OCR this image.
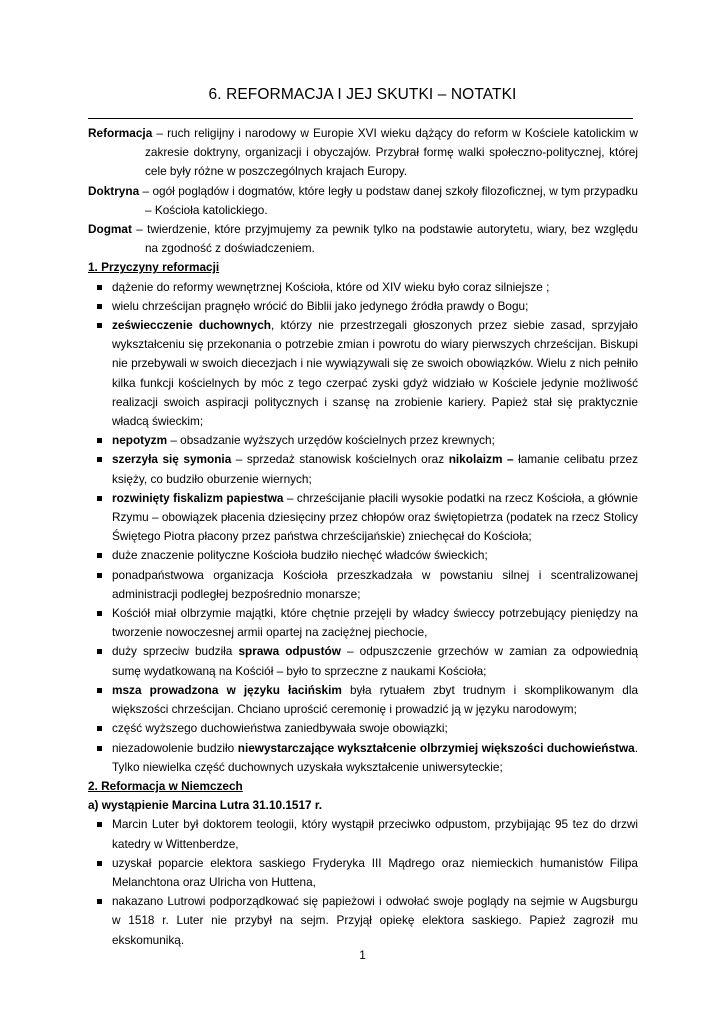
6. REFORMACJA I JEJ SKUTKI – NOTATKI

Reformacja – ruch religijny i narodowy w Europie XVI wieku dążący do reform w Kościele katolickim w zakresie doktryny, organizacji i obyczajów. Przybrał formę walki społeczno-politycznej, której cele były różne w poszczególnych krajach Europy.

Doktryna – ogół poglądów i dogmatów, które legły u podstaw danej szkoły filozoficznej, w tym przypadku – Kościoła katolickiego.

Dogmat – twierdzenie, które przyjmujemy za pewnik tylko na podstawie autorytetu, wiary, bez względu na zgodność z doświadczeniem.

1. Przyczyny reformacji

dążenie do reformy wewnętrznej Kościoła, które od XIV wieku było coraz silniejsze ;
wielu chrześcijan pragnęło wrócić do Biblii jako jedynego źródła prawdy o Bogu;
zeświecczenie duchownych, którzy nie przestrzegali głoszonych przez siebie zasad, sprzyjało wykształceniu się przekonania o potrzebie zmian i powrotu do wiary pierwszych chrześcijan. Biskupi nie przebywali w swoich diecezjach i nie wywiązywali się ze swoich obowiązków. Wielu z nich pełniło kilka funkcji kościelnych by móc z tego czerpać zyski gdyż widziało w Kościele jedynie możliwość realizacji swoich aspiracji politycznych i szansę na zrobienie kariery. Papież stał się praktycznie władcą świeckim;
nepotyzm – obsadzanie wyższych urzędów kościelnych przez krewnych;
szerzyła się symonia – sprzedaż stanowisk kościelnych oraz nikolaizm – łamanie celibatu przez księży, co budziło oburzenie wiernych;
rozwinięty fiskalizm papiestwa – chrześcijanie płacili wysokie podatki na rzecz Kościoła, a głównie Rzymu – obowiązek płacenia dziesięciny przez chłopów oraz świętopietrza (podatek na rzecz Stolicy Świętego Piotra płacony przez państwa chrześcijańskie) zniechęcał do Kościoła;
duże znaczenie polityczne Kościoła budziło niechęć władców świeckich;
ponadpaństwowa organizacja Kościoła przeszkadzała w powstaniu silnej i scentralizowanej administracji podległej bezpośrednio monarsze;
Kościół miał olbrzymie majątki, które chętnie przejęli by władcy świeccy potrzebujący pieniędzy na tworzenie nowoczesnej armii opartej na zaciężnej piechocie,
duży sprzeciw budziła sprawa odpustów – odpuszczenie grzechów w zamian za odpowiednią sumę wydatkowaną na Kościół – było to sprzeczne z naukami Kościoła;
msza prowadzona w języku łacińskim była rytuałem zbyt trudnym i skomplikowanym dla większości chrześcijan. Chciano uprościć ceremonię i prowadzić ją w języku narodowym;
część wyższego duchowieństwa zaniedbywała swoje obowiązki;
niezadowolenie budziło niewystarczające wykształcenie olbrzymiej większości duchowieństwa. Tylko niewielka część duchownych uzyskała wykształcenie uniwersyteckie;

2. Reformacja w Niemczech

a) wystąpienie Marcina Lutra 31.10.1517 r.

Marcin Luter był doktorem teologii, który wystąpił przeciwko odpustom, przybijając 95 tez do drzwi katedry w Wittenberdze,
uzyskał poparcie elektora saskiego Fryderyka III Mądrego oraz niemieckich humanistów Filipa Melanchtona oraz Ulricha von Huttena,
nakazano Lutrowi podporządkować się papieżowi i odwołać swoje poglądy na sejmie w Augsburgu w 1518 r. Luter nie przybył na sejm. Przyjął opiekę elektora saskiego. Papież zagroził mu ekskomuniką.
1
